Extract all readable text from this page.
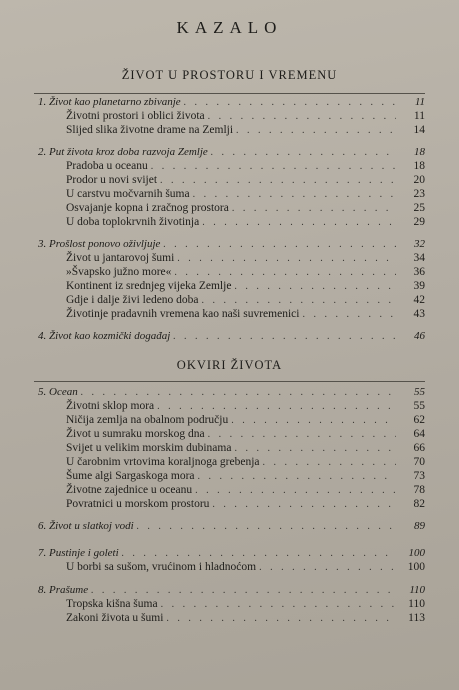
KAZALO
ŽIVOT U PROSTORU I VREMENU
1. Život kao planetarno zbivanje . . .	11
Životni prostori i oblici života . . .	11
Slijed slika životne drame na Zemlji . . .	14
2. Put života kroz doba razvoja Zemlje . . .	18
Pradoba u oceanu . . .	18
Prodor u novi svijet . . .	20
U carstvu močvarnih šuma . . .	23
Osvajanje kopna i zračnog prostora . . .	25
U doba toplokrvnih životinja . . .	29
3. Prošlost ponovo oživljuje . . .	32
Život u jantarovoj šumi . . .	34
»Švapsko južno more« . . .	36
Kontinent iz srednjeg vijeka Zemlje . . .	39
Gdje i dalje živi ledeno doba . . .	42
Životinje pradavnih vremena kao naši suvremenici . . .	43
4. Život kao kozmički događaj . . .	46
OKVIRI ŽIVOTA
5. Ocean . . .	55
Životni sklop mora . . .	55
Ničija zemlja na obalnom području . . .	62
Život u sumraku morskog dna . . .	64
Svijet u velikim morskim dubinama . . .	66
U čarobnim vrtovima koraljnoga grebenja . . .	70
Šume algi Sargaskoga mora . . .	73
Životne zajednice u oceanu . . .	78
Povratnici u morskom prostoru . . .	82
6. Život u slatkoj vodi . . .	89
7. Pustinje i goleti . . .	100
U borbi sa sušom, vrućinom i hladnoćom . . .	100
8. Prašume . . .	110
Tropska kišna šuma . . .	110
Zakoni života u šumi . . .	113
